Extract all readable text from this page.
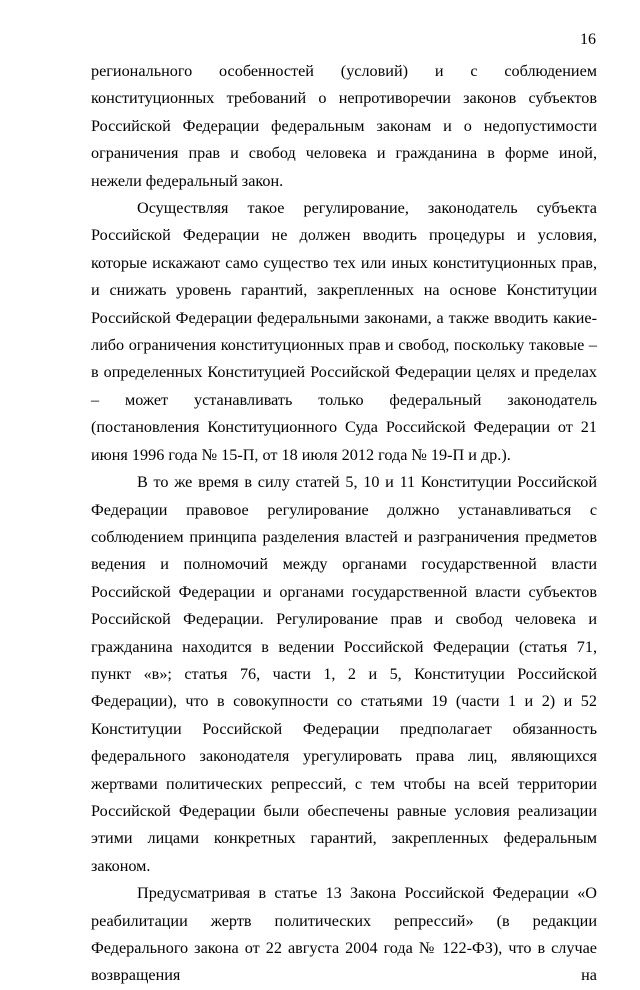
16

регионального особенностей (условий) и с соблюдением конституционных требований о непротиворечии законов субъектов Российской Федерации федеральным законам и о недопустимости ограничения прав и свобод человека и гражданина в форме иной, нежели федеральный закон.

Осуществляя такое регулирование, законодатель субъекта Российской Федерации не должен вводить процедуры и условия, которые искажают само существо тех или иных конституционных прав, и снижать уровень гарантий, закрепленных на основе Конституции Российской Федерации федеральными законами, а также вводить какие-либо ограничения конституционных прав и свобод, поскольку таковые – в определенных Конституцией Российской Федерации целях и пределах – может устанавливать только федеральный законодатель (постановления Конституционного Суда Российской Федерации от 21 июня 1996 года № 15-П, от 18 июля 2012 года № 19-П и др.).

В то же время в силу статей 5, 10 и 11 Конституции Российской Федерации правовое регулирование должно устанавливаться с соблюдением принципа разделения властей и разграничения предметов ведения и полномочий между органами государственной власти Российской Федерации и органами государственной власти субъектов Российской Федерации. Регулирование прав и свобод человека и гражданина находится в ведении Российской Федерации (статья 71, пункт «в»; статья 76, части 1, 2 и 5, Конституции Российской Федерации), что в совокупности со статьями 19 (части 1 и 2) и 52 Конституции Российской Федерации предполагает обязанность федерального законодателя урегулировать права лиц, являющихся жертвами политических репрессий, с тем чтобы на всей территории Российской Федерации были обеспечены равные условия реализации этими лицами конкретных гарантий, закрепленных федеральным законом.

Предусматривая в статье 13 Закона Российской Федерации «О реабилитации жертв политических репрессий» (в редакции Федерального закона от 22 августа 2004 года № 122-ФЗ), что в случае возвращения на
